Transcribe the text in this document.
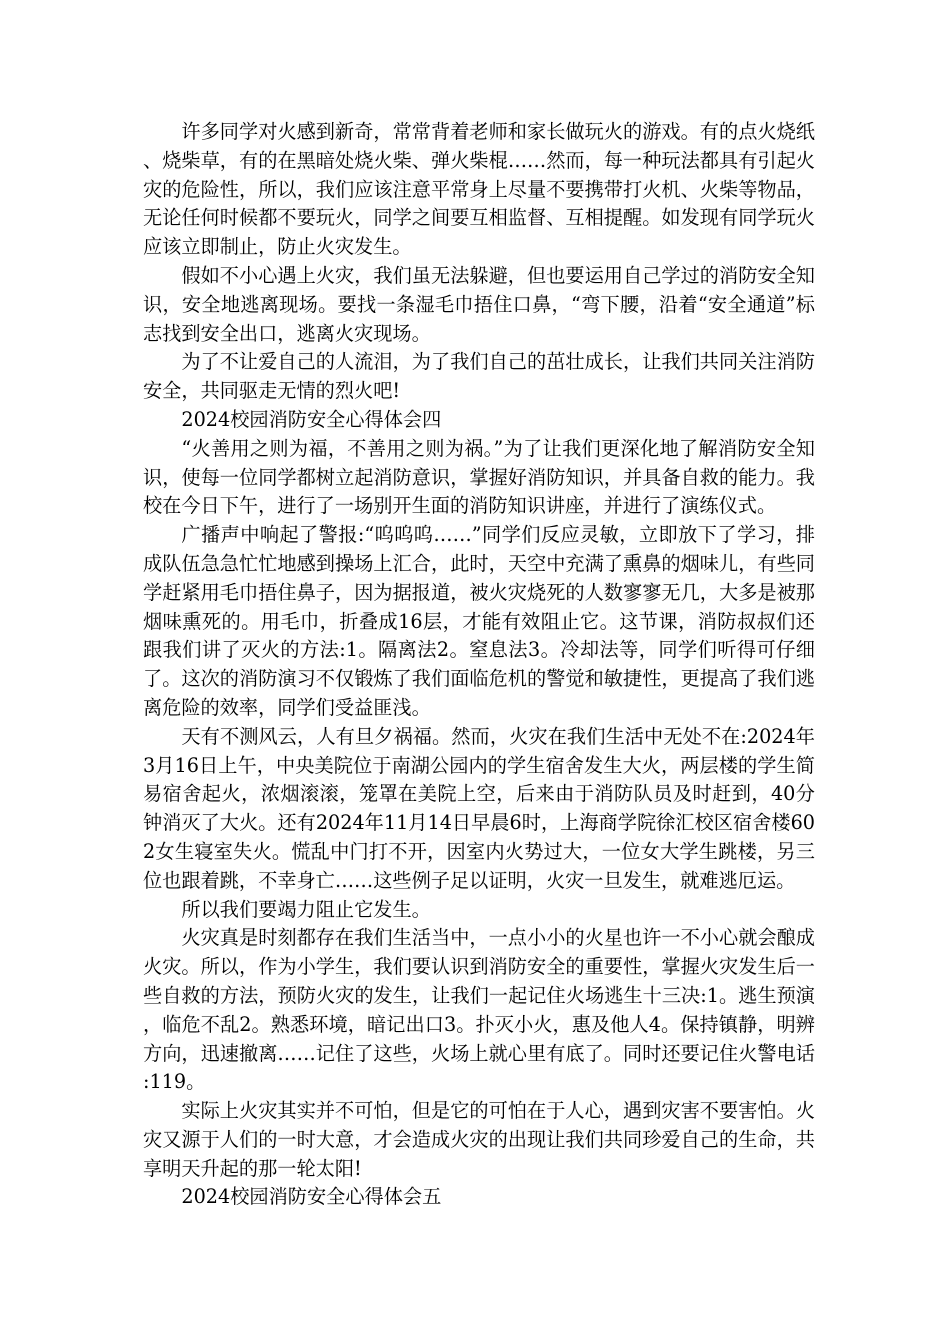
许多同学对火感到新奇，常常背着老师和家长做玩火的游戏。有的点火烧纸、烧柴草，有的在黑暗处烧火柴、弹火柴棍……然而，每一种玩法都具有引起火灾的危险性，所以，我们应该注意平常身上尽量不要携带打火机、火柴等物品，无论任何时候都不要玩火，同学之间要互相监督、互相提醒。如发现有同学玩火应该立即制止，防止火灾发生。

假如不小心遇上火灾，我们虽无法躲避，但也要运用自己学过的消防安全知识，安全地逃离现场。要找一条湿毛巾捂住口鼻，“弯下腰，沿着“安全通道”标志找到安全出口，逃离火灾现场。

为了不让爱自己的人流泪，为了我们自己的茁壮成长，让我们共同关注消防安全，共同驱走无情的烈火吧!

2024校园消防安全心得体会四

“火善用之则为福，不善用之则为祸。”为了让我们更深化地了解消防安全知识，使每一位同学都树立起消防意识，掌握好消防知识，并具备自救的能力。我校在今日下午，进行了一场别开生面的消防知识讲座，并进行了演练仪式。

广播声中响起了警报:“呜呜呜……”同学们反应灵敏，立即放下了学习，排成队伍急急忙忙地感到操场上汇合，此时，天空中充满了熏鼻的烟味儿，有些同学赶紧用毛巾捂住鼻子，因为据报道，被火灾烧死的人数寥寥无几，大多是被那烟味熏死的。用毛巾，折叠成16层，才能有效阻止它。这节课，消防叔叔们还跟我们讲了灭火的方法:1。隔离法2。窒息法3。冷却法等，同学们听得可仔细了。这次的消防演习不仅锻炼了我们面临危机的警觉和敏捷性，更提高了我们逃离危险的效率，同学们受益匪浅。

天有不测风云，人有旦夕祸福。然而，火灾在我们生活中无处不在:2024年3月16日上午，中央美院位于南湖公园内的学生宿舍发生大火，两层楼的学生简易宿舍起火，浓烟滚滚，笼罩在美院上空，后来由于消防队员及时赶到，40分钟消灭了大火。还有2024年11月14日早晨6时，上海商学院徐汇校区宿舍楼602女生寝室失火。慌乱中门打不开，因室内火势过大，一位女大学生跳楼，另三位也跟着跳，不幸身亡……这些例子足以证明，火灾一旦发生，就难逃厄运。

所以我们要竭力阻止它发生。

火灾真是时刻都存在我们生活当中，一点小小的火星也许一不小心就会酿成火灾。所以，作为小学生，我们要认识到消防安全的重要性，掌握火灾发生后一些自救的方法，预防火灾的发生，让我们一起记住火场逃生十三决:1。逃生预演，临危不乱2。熟悉环境，暗记出口3。扑灭小火，惠及他人4。保持镇静，明辨方向，迅速撤离……记住了这些，火场上就心里有底了。同时还要记住火警电话:119。

实际上火灾其实并不可怕，但是它的可怕在于人心，遇到灾害不要害怕。火灾又源于人们的一时大意，才会造成火灾的出现让我们共同珍爱自己的生命，共享明天升起的那一轮太阳!

2024校园消防安全心得体会五
